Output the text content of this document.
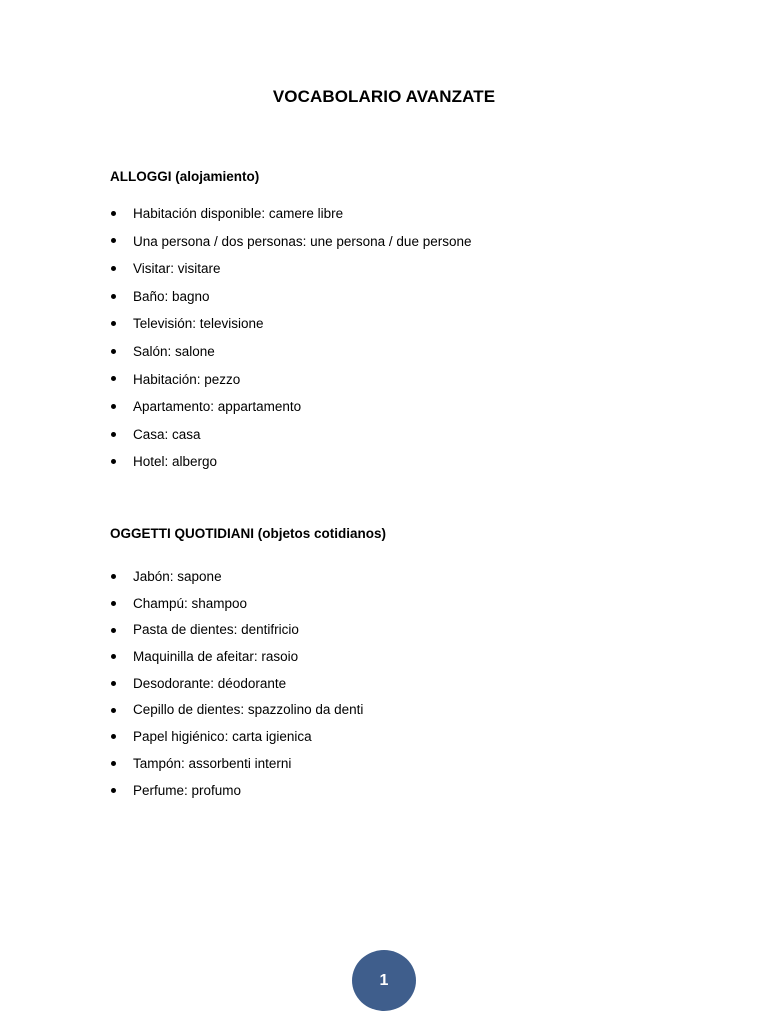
VOCABOLARIO AVANZATE
ALLOGGI (alojamiento)
Habitación disponible: camere libre
Una persona / dos personas: une persona / due persone
Visitar: visitare
Baño: bagno
Televisión: televisione
Salón: salone
Habitación: pezzo
Apartamento: appartamento
Casa: casa
Hotel: albergo
OGGETTI QUOTIDIANI (objetos cotidianos)
Jabón: sapone
Champú: shampoo
Pasta de dientes: dentifricio
Maquinilla de afeitar: rasoio
Desodorante: déodorante
Cepillo de dientes: spazzolino da denti
Papel higiénico: carta igienica
Tampón: assorbenti interni
Perfume: profumo
1
